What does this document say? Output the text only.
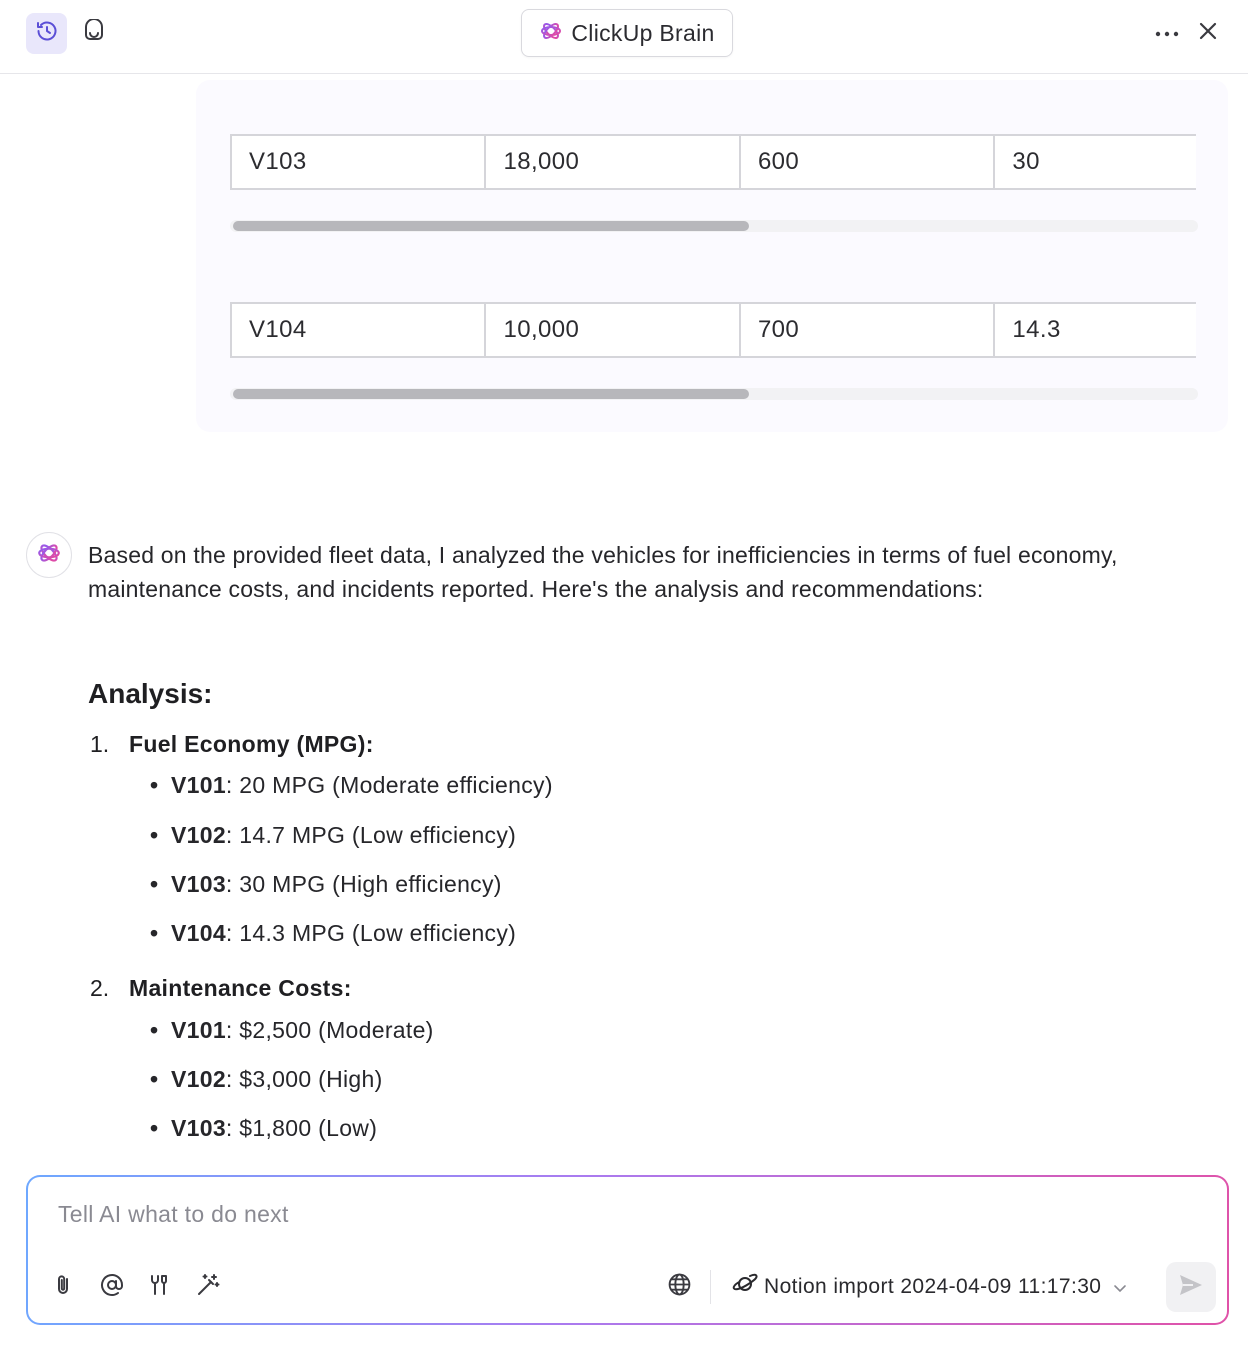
ClickUp Brain
V103	18,000	600	30
V104	10,000	700	14.3
Based on the provided fleet data, I analyzed the vehicles for inefficiencies in terms of fuel economy, maintenance costs, and incidents reported. Here's the analysis and recommendations:
Analysis:
1. Fuel Economy (MPG):
• V101: 20 MPG (Moderate efficiency)
• V102: 14.7 MPG (Low efficiency)
• V103: 30 MPG (High efficiency)
• V104: 14.3 MPG (Low efficiency)
2. Maintenance Costs:
• V101: $2,500 (Moderate)
• V102: $3,000 (High)
• V103: $1,800 (Low)
Tell AI what to do next
Notion import 2024-04-09 11:17:30
